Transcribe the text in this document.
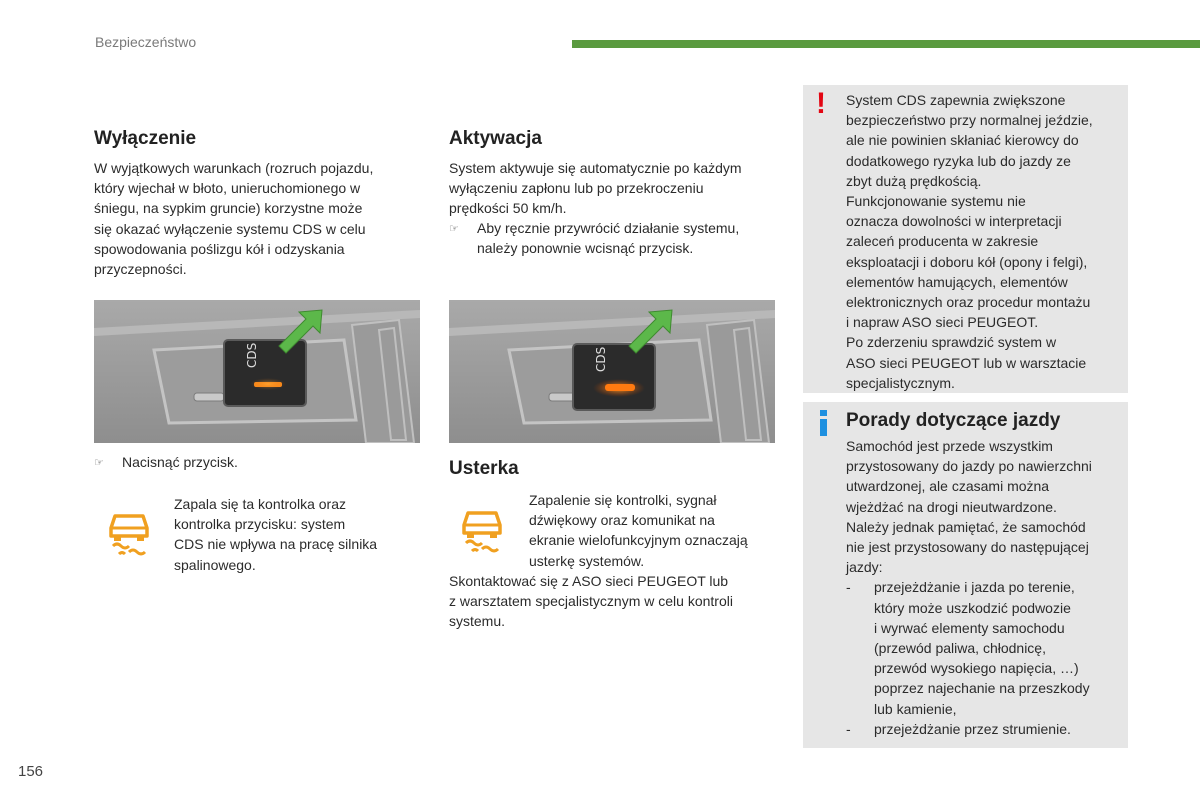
Bezpieczeństwo
Wyłączenie

W wyjątkowych warunkach (rozruch pojazdu,

który wjechał w błoto, unieruchomionego w

śniegu, na sypkim gruncie) korzystne może

się okazać wyłączenie systemu CDS w celu

spowodowania poślizgu kół i odzyskania

przyczepności.

CDS
☞	Nacisnąć przycisk.

Zapala się ta kontrolka oraz

kontrolka przycisku: system

CDS nie wpływa na pracę silnika

spalinowego.

Aktywacja

System aktywuje się automatycznie po każdym

wyłączeniu zapłonu lub po przekroczeniu

prędkości 50 km/h.

☞	Aby ręcznie przywrócić działanie systemu,
należy ponownie wcisnąć przycisk.
CDS
Usterka

Zapalenie się kontrolki, sygnał

dźwiękowy oraz komunikat na

ekranie wielofunkcyjnym oznaczają

usterkę systemów.

Skontaktować się z ASO sieci PEUGEOT lub

z warsztatem specjalistycznym w celu kontroli

systemu.

! System CDS zapewnia zwiększone

bezpieczeństwo przy normalnej jeździe,

ale nie powinien skłaniać kierowcy do

dodatkowego ryzyka lub do jazdy ze

zbyt dużą prędkością.

Funkcjonowanie systemu nie

oznacza dowolności w interpretacji

zaleceń producenta w zakresie

eksploatacji i doboru kół (opony i felgi),

elementów hamujących, elementów

elektronicznych oraz procedur montażu

i napraw ASO sieci PEUGEOT.

Po zderzeniu sprawdzić system w

ASO sieci PEUGEOT lub w warsztacie

specjalistycznym.

Porady dotyczące jazdy

Samochód jest przede wszystkim

przystosowany do jazdy po nawierzchni

utwardzonej, ale czasami można

wjeżdżać na drogi nieutwardzone.

Należy jednak pamiętać, że samochód

nie jest przystosowany do następującej

jazdy:

-	przejeżdżanie i jazda po terenie,
który może uszkodzić podwozie
i wyrwać elementy samochodu
(przewód paliwa, chłodnicę,
przewód wysokiego napięcia, …)
poprzez najechanie na przeszkody
lub kamienie,
-	przejeżdżanie przez strumienie.
156
